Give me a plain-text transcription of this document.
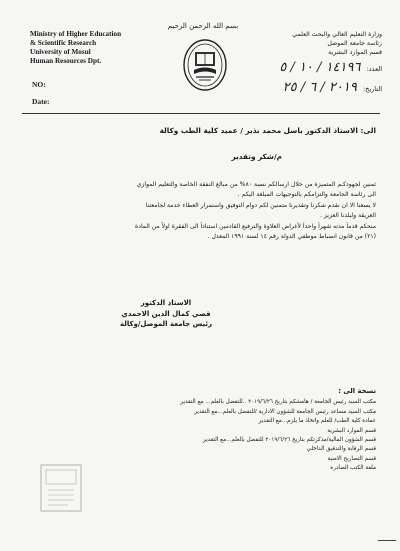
Ministry of Higher Education
& Scientific Research
University of Mosul
Human Resources Dpt.
NO:
Date:
بسم الله الرحمن الرحيم
وزارة التعليم العالي والبحث العلمي
رئاسة جامعة الموصل
قسم الموارد البشرية
العدد: ١٤١٩٦ / ١٠ / ٥
التاريخ: ٢٠١٩ / ٦ / ٢٥
الى: الاستاذ الدكتور باسل محمد نذير / عميد كلية الطب وكالة
م/شكر وتقدير
ثمنين لجهودكـم المتميزة من خلال ارسالكم نسبة ٨٠% من مبالغ النفقة الخاصة والتعليم الموازي
الى رئاسة الجامعة والتزامكم بالتوجيهات المبلغة اليكم .
لا يسعنا الا ان نقدم شكرنا وتقديرنا متمنين لكم دوام التوفيق واستمرار العطاء خدمة لجامعتنا
العريقة ولبلدنا العزيز .
منحكم قدماً مدته شهراً واحداً لأغراض العلاوة والترفيع القادمين استناداً الى الفقرة اولاً من المادة
(٢١) من قانون انضباط موظفي الدولة رقم ١٤ لسنة ١٩٩١ المعدل .
الاستاذ الدكتور
قصي كمال الدين الاحمدي
رئيس جامعة الموصل/وكالة
نسخة الى :
مكتب السيد رئيس الجامعة / هامشكم بتاريخ ٢٠١٩/٦/٢٦ ..للتفضل بالعلم... مع التقدير
مكتب السيد مساعد رئيس الجامعة للشؤون الادارية /للتفضل بالعلم...مع التقدير
عمادة كلية الطب/ للعلم واتخاذ ما يلزم...مع التقدير
قسم الموارد البشرية
قسم الشؤون المالية/مذكرتكم بتاريخ ٢٠١٩/٦/٢٦ للتفضل بالعلم...مع التقدير
قسم الرقابة والتدقيق الداخلي
قسم التصاريح الامنية
ملفة الكتب الصادرة
